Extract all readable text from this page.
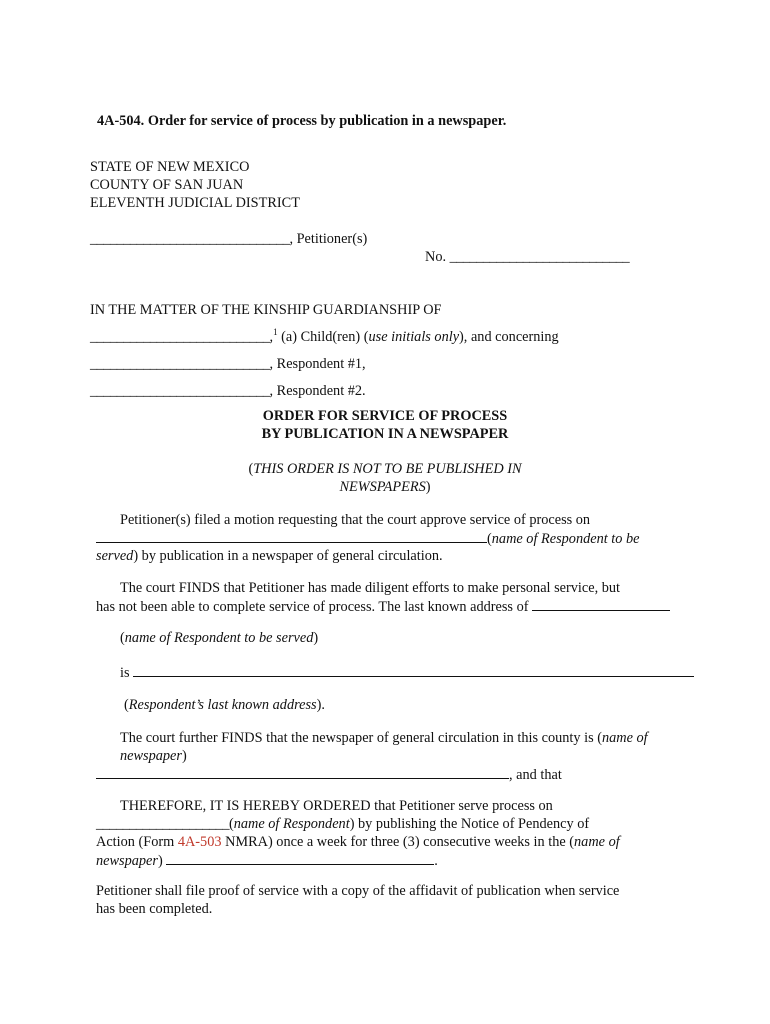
4A-504. Order for service of process by publication in a newspaper.
STATE OF NEW MEXICO
COUNTY OF SAN JUAN
ELEVENTH JUDICIAL DISTRICT
______________________________, Petitioner(s)
No. ___________________________
IN THE MATTER OF THE KINSHIP GUARDIANSHIP OF
___________________________,$^1$ (a) Child(ren) (use initials only), and concerning
___________________________, Respondent #1,
___________________________, Respondent #2.
ORDER FOR SERVICE OF PROCESS
BY PUBLICATION IN A NEWSPAPER
(THIS ORDER IS NOT TO BE PUBLISHED IN
NEWSPAPERS)
Petitioner(s) filed a motion requesting that the court approve service of process on
(name of Respondent to be
served) by publication in a newspaper of general circulation.
The court FINDS that Petitioner has made diligent efforts to make personal service, but
has not been able to complete service of process. The last known address of
(name of Respondent to be served)
is
(Respondent’s last known address).
The court further FINDS that the newspaper of general circulation in this county is (name of
newspaper)
, and that
THEREFORE, IT IS HEREBY ORDERED that Petitioner serve process on
____________________(name of Respondent) by publishing the Notice of Pendency of
Action (Form 4A-503 NMRA) once a week for three (3) consecutive weeks in the (name of
newspaper)	.
Petitioner shall file proof of service with a copy of the affidavit of publication when service
has been completed.
